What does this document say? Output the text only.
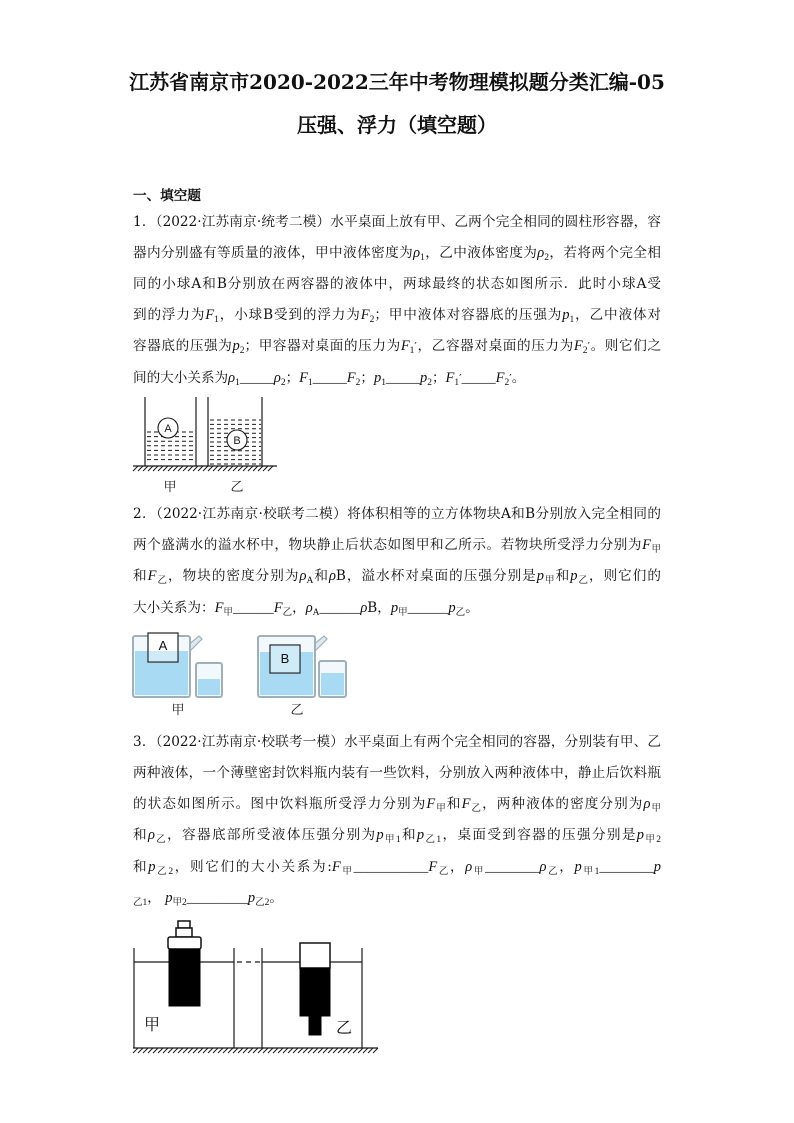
江苏省南京市2020-2022三年中考物理模拟题分类汇编-05
压强、浮力（填空题）
一、填空题
1．（2022·江苏南京·统考二模）水平桌面上放有甲、乙两个完全相同的圆柱形容器，容
器内分别盛有等质量的液体，甲中液体密度为$\rho_1$，乙中液体密度为$\rho_2$，若将两个完全相
同的小球A和B分别放在两容器的液体中，两球最终的状态如图所示．此时小球A受
到的浮力为$F_1$，小球B受到的浮力为$F_2$；甲中液体对容器底的压强为$p_1$，乙中液体对
容器底的压强为$p_2$；甲容器对桌面的压力为$F_1'$，乙容器对桌面的压力为$F_2'$。则它们之
间的大小关系为$\rho_1\_\_\_\_\_\rho_2$；$F_1\_\_\_\_\_F_2$；$p_1\_\_\_\_\_p_2$；$F_1'\_\_\_\_\_F_2'$。
A
B
甲	乙
2．（2022·江苏南京·校联考二模）将体积相等的立方体物块A和B分别放入完全相同的
两个盛满水的溢水杯中，物块静止后状态如图甲和乙所示。若物块所受浮力分别为$F_甲$
和$F_乙$，物块的密度分别为$\rho_A$和ρB，溢水杯对桌面的压强分别是$p_甲$和$p_乙$，则它们的
大小关系为：$F_甲\_\_\_\_\_\_F_乙$，$\rho_A\_\_\_\_\_\_\rho B$，$p_甲\_\_\_\_\_\_p_乙$。
A
B
甲	乙
3．（2022·江苏南京·校联考一模）水平桌面上有两个完全相同的容器，分别装有甲、乙
两种液体，一个薄壁密封饮料瓶内装有一些饮料，分别放入两种液体中，静止后饮料瓶
的状态如图所示。图中饮料瓶所受浮力分别为$F_甲$和$F_乙$，两种液体的密度分别为$\rho_甲$
和$\rho_乙$，容器底部所受液体压强分别为$p_{甲1}$和$p_{乙1}$，桌面受到容器的压强分别是$p_{甲2}$
和$p_{乙2}$，则它们的大小关系为$:F_甲\_\_\_\_\_\_\_\_\_\_\_F_乙$，$\rho_甲\_\_\_\_\_\_\_\_\rho_乙$，$p_{甲1}\_\_\_\_\_\_\_\_p$
$_{乙1}$， $p_{甲2}\_\_\_\_\_\_\_\_\_p_{乙2}$。
甲	乙
